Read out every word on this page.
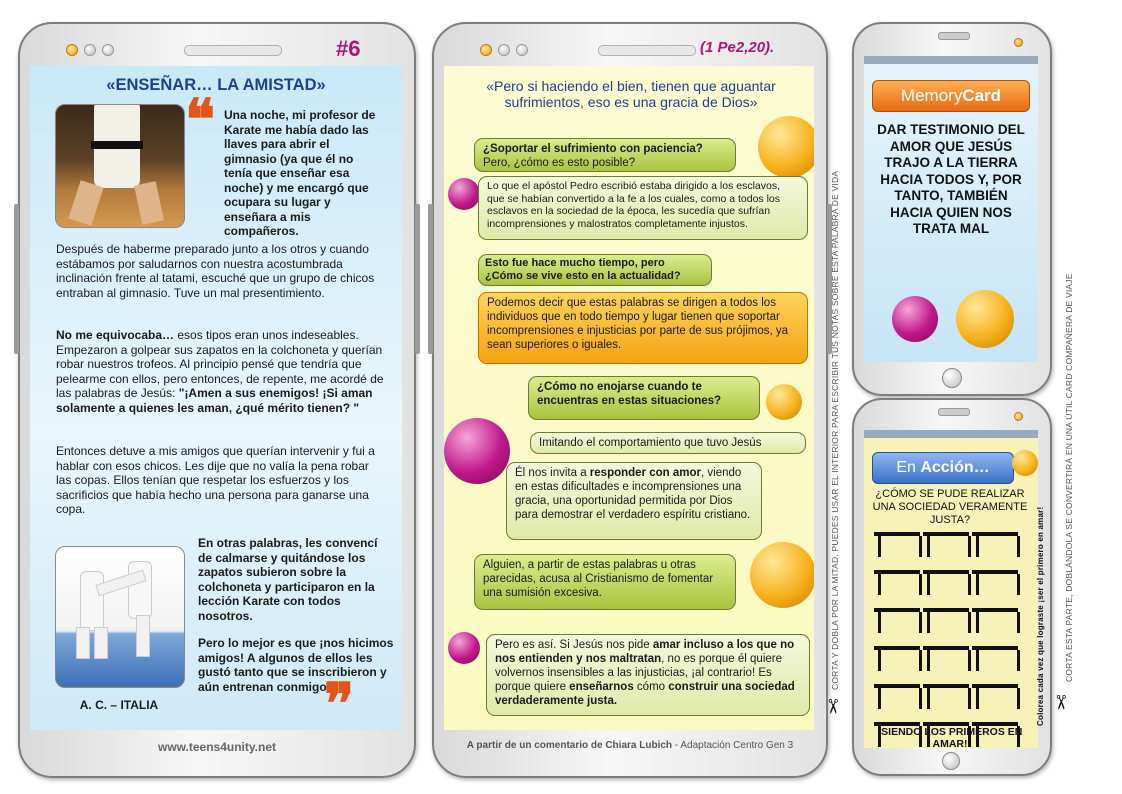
#6
«ENSEÑAR… LA AMISTAD»
❝ Una noche, mi profesor de Karate me había dado las llaves para abrir el gimnasio (ya que él no tenía que enseñar esa noche) y me encargó que ocupara su lugar y enseñara a mis compañeros.
Después de haberme preparado junto a los otros y cuando estábamos por saludarnos con nuestra acostumbrada inclinación frente al tatami, escuché que un grupo de chicos entraban al gimnasio. Tuve un mal presentimiento.
No me equivocaba… esos tipos eran unos indeseables. Empezaron a golpear sus zapatos en la colchoneta y querían robar nuestros trofeos. Al principio pensé que tendría que pelearme con ellos, pero entonces, de repente, me acordé de las palabras de Jesús: "¡Amen a sus enemigos! ¡Si aman solamente a quienes les aman, ¿qué mérito tienen? "
Entonces detuve a mis amigos que querían intervenir y fui a hablar con esos chicos. Les dije que no valía la pena robar las copas. Ellos tenían que respetar los esfuerzos y los sacrificios que había hecho una persona para ganarse una copa.
A. C. – ITALIA
En otras palabras, les convencí de calmarse y quitándose los zapatos subieron sobre la colchoneta y participaron en la lección Karate con todos nosotros.
Pero lo mejor es que ¡nos hicimos amigos! A algunos de ellos les gustó tanto que se inscribieron y aún entrenan conmigo.
❞
www.teens4unity.net
(1 Pe2,20).
«Pero si haciendo el bien, tienen que aguantar sufrimientos, eso es una gracia de Dios»
¿Soportar el sufrimiento con paciencia?
Pero, ¿cómo es esto posible?
Lo que el apóstol Pedro escribió estaba dirigido a los esclavos, que se habían convertido a la fe a los cuales, como a todos los esclavos en la sociedad de la época, les sucedía que sufrían incomprensiones y malostratos completamente injustos.
Esto fue hace mucho tiempo, pero
¿Cómo se vive esto en la actualidad?
Podemos decir que estas palabras se dirigen a todos los individuos que en todo tiempo y lugar tienen que soportar incomprensiones e injusticias por parte de sus prójimos, ya sean superiores o iguales.
¿Cómo no enojarse cuando te encuentras en estas situaciones?
Imitando el comportamiento que tuvo Jesús
Él nos invita a responder con amor, viendo en estas dificultades e incomprensiones una gracia, una oportunidad permitida por Dios para demostrar el verdadero espíritu cristiano.
Alguien, a partir de estas palabras u otras parecidas, acusa al Cristianismo de fomentar una sumisión excesiva.
Pero es así. Si Jesús nos pide amar incluso a los que no nos entienden y nos maltratan, no es porque él quiere volvernos insensibles a las injusticias, ¡al contrario! Es porque quiere enseñarnos cómo construir una sociedad verdaderamente justa.
A partir de un comentario de Chiara Lubich - Adaptación Centro Gen 3
CORTA Y DOBLA POR LA MITAD, PUEDES USAR EL INTERIOR PARA ESCRIBIR TUS NOTAS SOBRE ESTA PALABRA DE VIDA
✂
MemoryCard
DAR TESTIMONIO DEL AMOR QUE JESÚS TRAJO A LA TIERRA HACIA TODOS Y, POR TANTO, TAMBIÉN HACIA QUIEN NOS TRATA MAL
En Acción…
¿CÓMO SE PUDE REALIZAR UNA SOCIEDAD VERAMENTE JUSTA?

¡SIENDO LOS PRIMEROS EN AMAR!
Colorea cada vez que lograste ¡ser el primero en amar! CORTA ESTA PARTE, DOBLÁNDOLA SE CONVERTIRÁ EN UNA ÚTIL CARD COMPAÑERA DE VIAJE
✂
